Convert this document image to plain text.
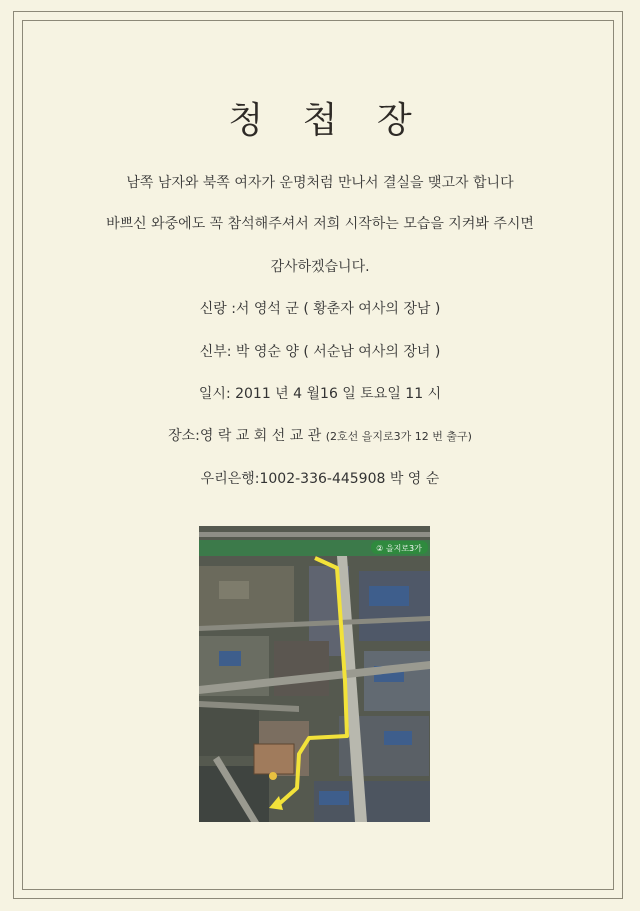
청 첩 장
남쪽 남자와 북쪽 여자가 운명처럼 만나서 결실을 맺고자 합니다
바쁘신 와중에도 꼭 참석해주셔서 저희 시작하는 모습을 지켜봐 주시면
감사하겠습니다.
신랑 :서 영석 군 ( 황춘자 여사의 장남 )
신부: 박 영순 양 ( 서순남 여사의 장녀 )
일시: 2011 년 4 월16 일 토요일 11 시
장소:영 락 교 회 선 교 관 (2호선 을지로3가 12 번 출구)
우리은행:1002-336-445908 박 영 순
② 을지로3가
